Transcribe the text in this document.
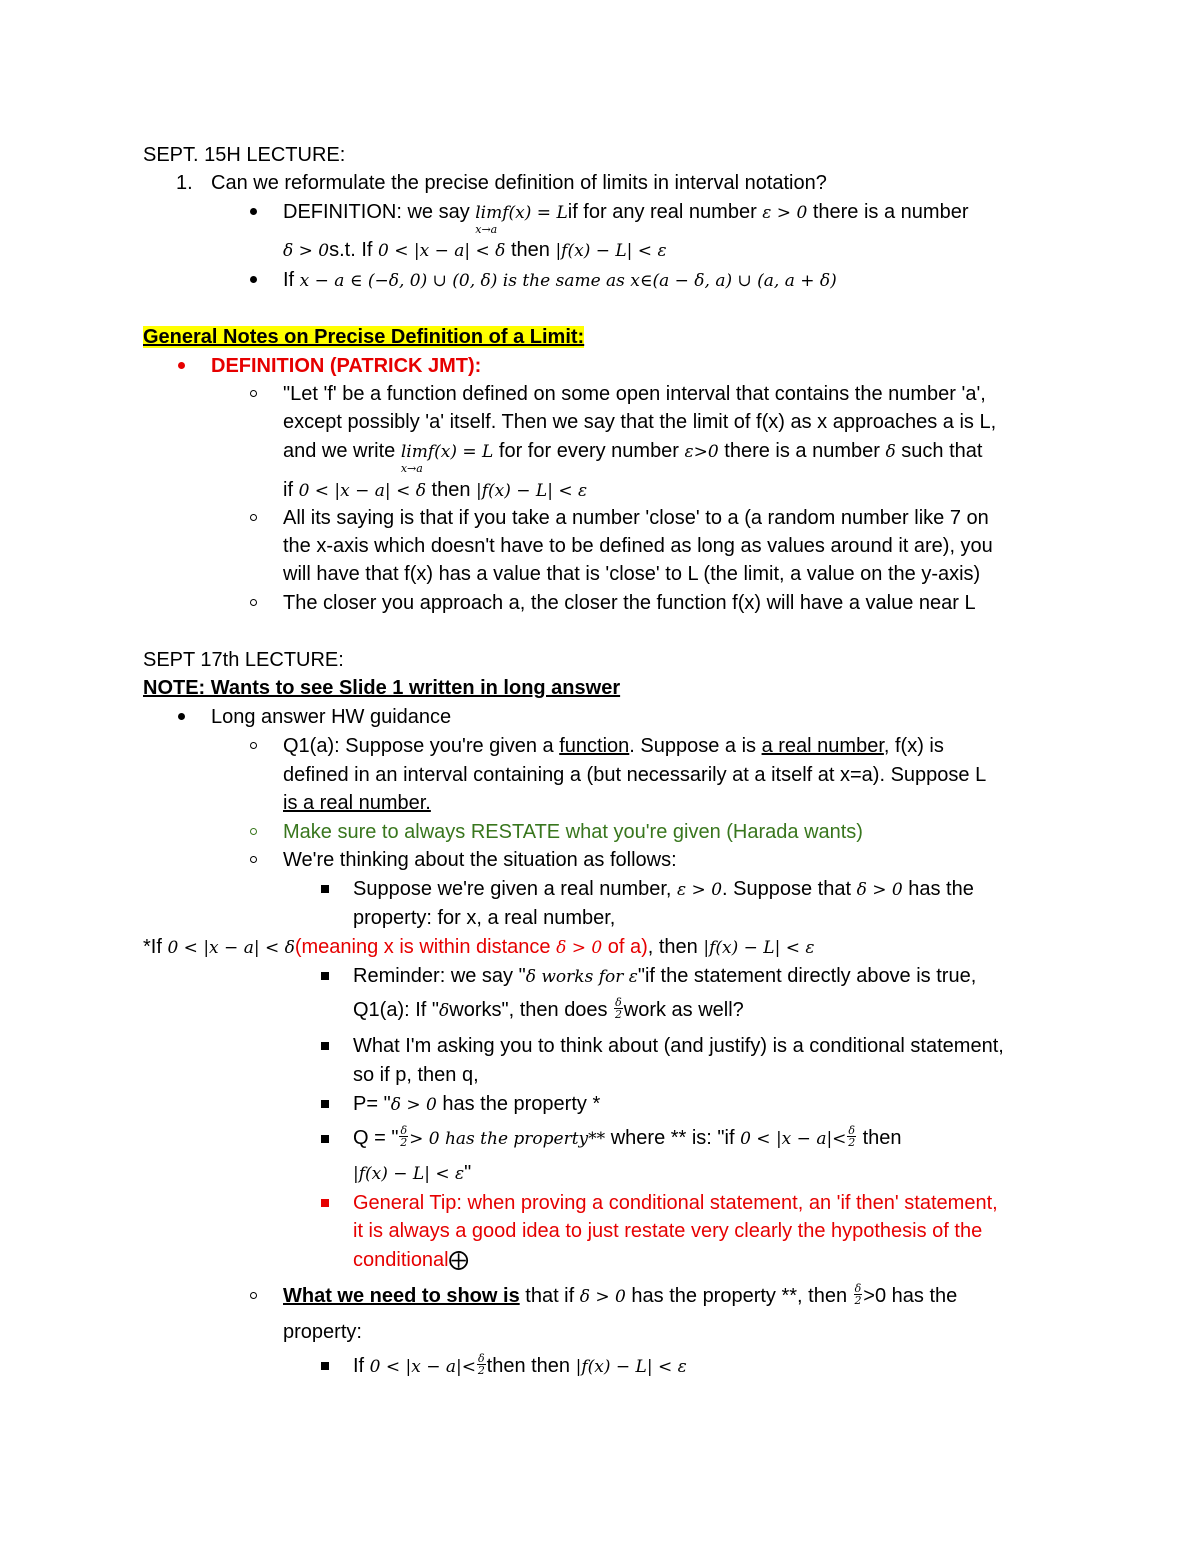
SEPT. 15H LECTURE:
1. Can we reformulate the precise definition of limits in interval notation?
DEFINITION: we say lim
x→a
f(x) = Lif for any real number ε > 0 there is a number
δ > 0s.t. If 0 < |x − a| < δ then |f(x) − L| < ε
If x − a ∈ (−δ, 0) ∪ (0, δ) is the same as x∈(a − δ, a) ∪ (a, a + δ)
General Notes on Precise Definition of a Limit:
DEFINITION (PATRICK JMT):
"Let 'f' be a function defined on some open interval that contains the number 'a',
except possibly 'a' itself. Then we say that the limit of f(x) as x approaches a is L,
and we write lim
x→a
f(x) = L for for every number ε>0 there is a number δ such that
if 0 < |x − a| < δ then |f(x) − L| < ε
All its saying is that if you take a number 'close' to a (a random number like 7 on
the x-axis which doesn't have to be defined as long as values around it are), you
will have that f(x) has a value that is 'close' to L (the limit, a value on the y-axis)
The closer you approach a, the closer the function f(x) will have a value near L
SEPT 17th LECTURE:
NOTE: Wants to see Slide 1 written in long answer
Long answer HW guidance
Q1(a): Suppose you're given a function. Suppose a is a real number, f(x) is
defined in an interval containing a (but necessarily at a itself at x=a). Suppose L
is a real number.
Make sure to always RESTATE what you're given (Harada wants)
We're thinking about the situation as follows:
Suppose we're given a real number, ε > 0. Suppose that δ > 0 has the
property: for x, a real number,
*If 0 < |x − a| < δ(meaning x is within distance δ > 0 of a), then |f(x) − L| < ε
Reminder: we say "δ works for ε"if the statement directly above is true,
Q1(a): If "δworks", then does $\frac{\delta}{2}$ work as well?
What I'm asking you to think about (and justify) is a conditional statement,
so if p, then q,
P= "δ > 0 has the property *
Q = " $\frac{\delta}{2} > 0$ has the property** where ** is: "if $0 < |x - a|< \frac{\delta}{2}$ then
|f(x) − L| < ε"
General Tip: when proving a conditional statement, an 'if then' statement,
it is always a good idea to just restate very clearly the hypothesis of the
conditional⨁
What we need to show is that if δ > 0 has the property **, then $\frac{\delta}{2} >0$ has the
property:
If $0 < |x - a|< \frac{\delta}{2}$ then then |f(x) − L| < ε
